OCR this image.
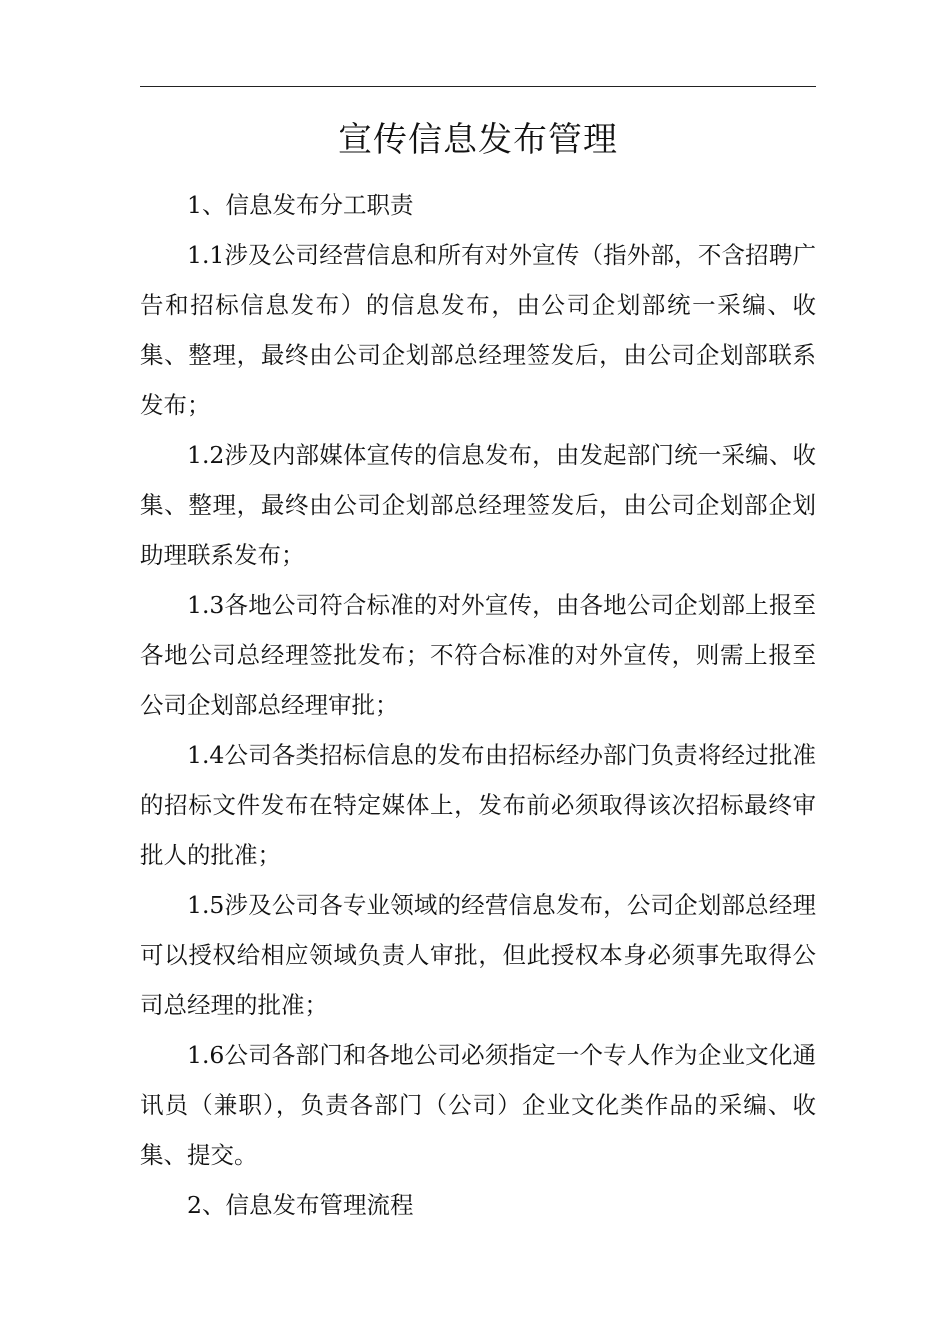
宣传信息发布管理

1、信息发布分工职责

1.1涉及公司经营信息和所有对外宣传（指外部，不含招聘广告和招标信息发布）的信息发布，由公司企划部统一采编、收集、整理，最终由公司企划部总经理签发后，由公司企划部联系发布；

1.2涉及内部媒体宣传的信息发布，由发起部门统一采编、收集、整理，最终由公司企划部总经理签发后，由公司企划部企划助理联系发布；

1.3各地公司符合标准的对外宣传，由各地公司企划部上报至各地公司总经理签批发布；不符合标准的对外宣传，则需上报至公司企划部总经理审批；

1.4公司各类招标信息的发布由招标经办部门负责将经过批准的招标文件发布在特定媒体上，发布前必须取得该次招标最终审批人的批准；

1.5涉及公司各专业领域的经营信息发布，公司企划部总经理可以授权给相应领域负责人审批，但此授权本身必须事先取得公司总经理的批准；

1.6公司各部门和各地公司必须指定一个专人作为企业文化通讯员（兼职），负责各部门（公司）企业文化类作品的采编、收集、提交。

2、信息发布管理流程
